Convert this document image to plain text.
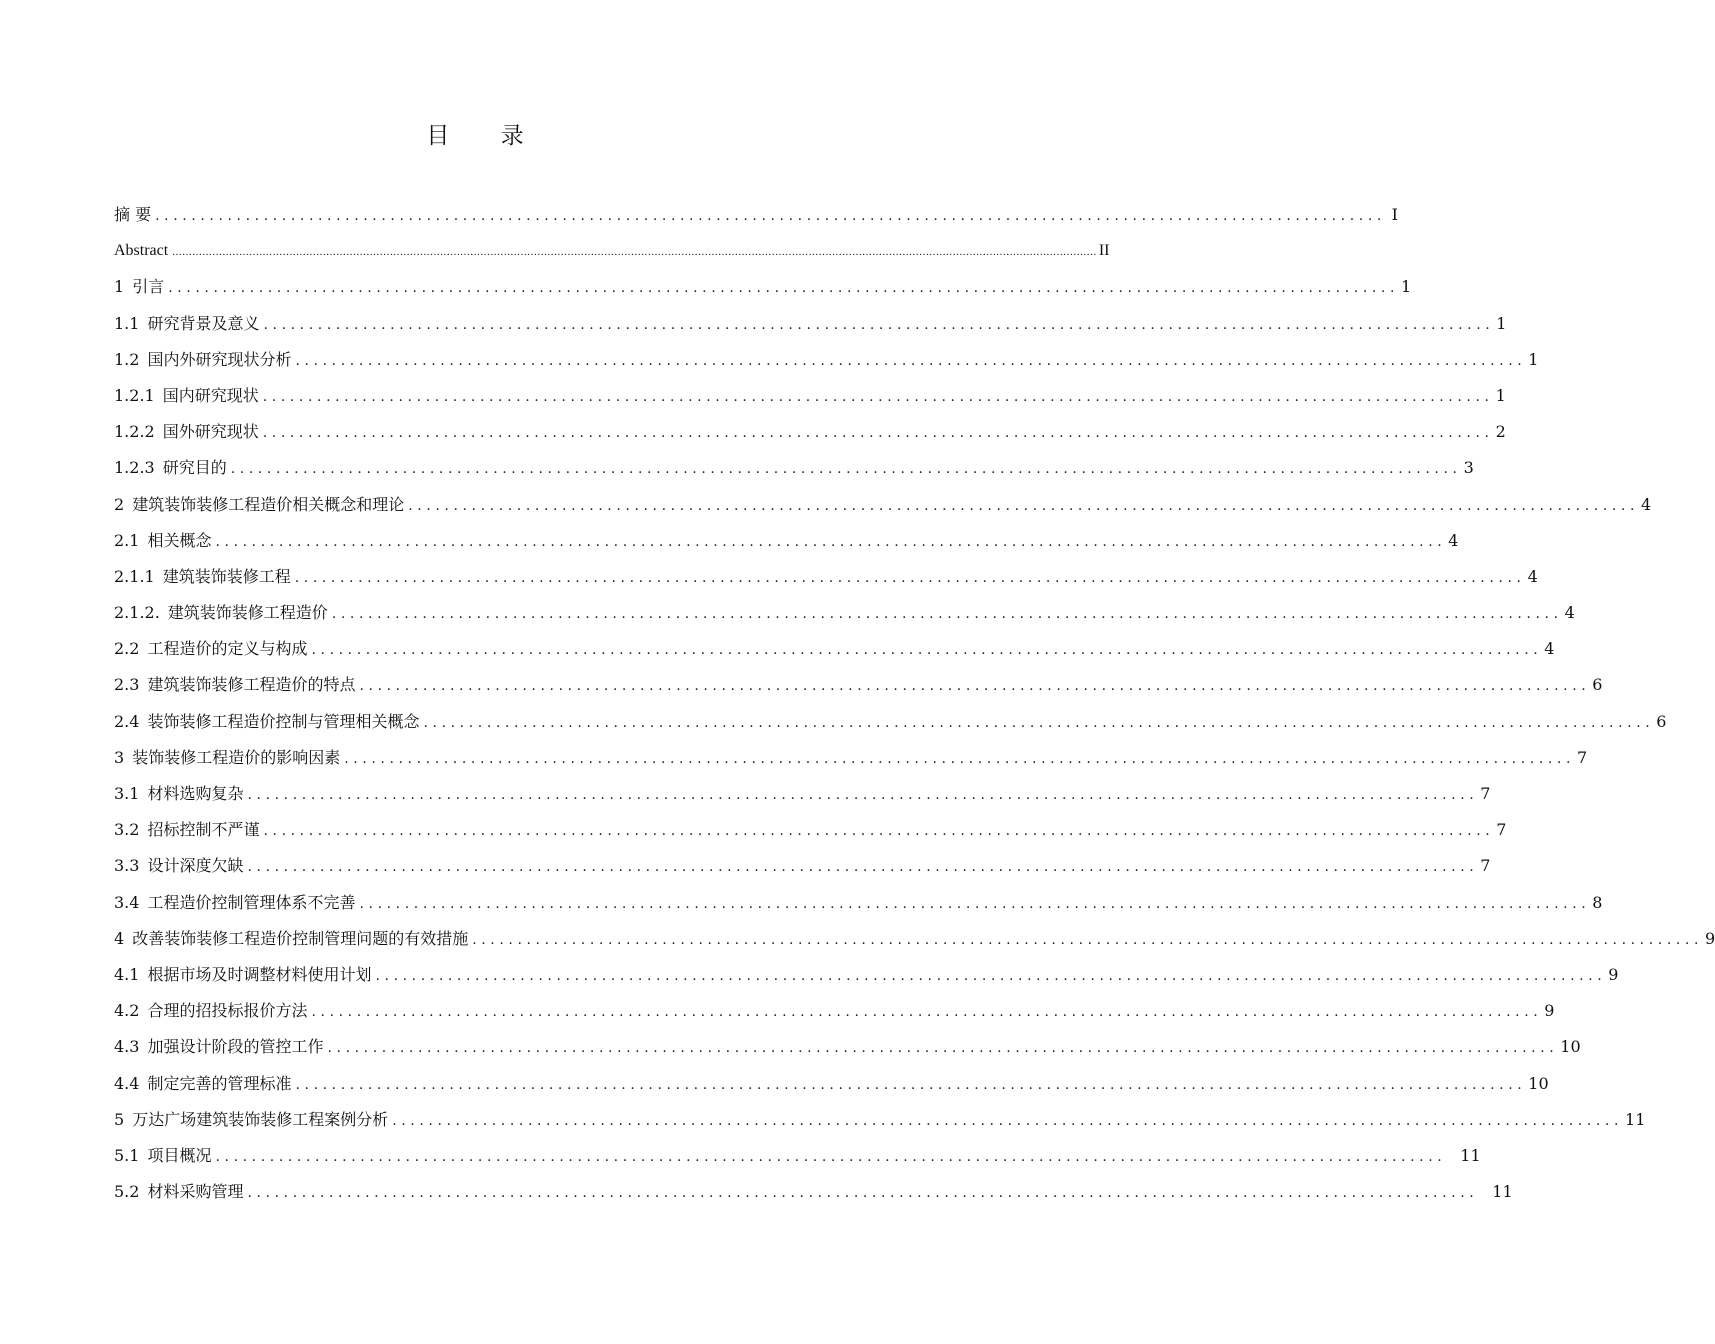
目 录
摘 要 ........................................................................................................................................ I
Abstract .................................................................................................................................................................................................................................................................................... II
1 引言 ........................................................................................................................................ 1
1.1 研究背景及意义 ........................................................................................................................................ 1
1.2 国内外研究现状分析 ........................................................................................................................................ 1
1.2.1 国内研究现状 ........................................................................................................................................ 1
1.2.2 国外研究现状 ........................................................................................................................................ 2
1.2.3 研究目的 ........................................................................................................................................ 3
2 建筑装饰装修工程造价相关概念和理论 ........................................................................................................................................ 4
2.1 相关概念 ........................................................................................................................................ 4
2.1.1 建筑装饰装修工程 ........................................................................................................................................ 4
2.1.2. 建筑装饰装修工程造价 ........................................................................................................................................ 4
2.2 工程造价的定义与构成 ........................................................................................................................................ 4
2.3 建筑装饰装修工程造价的特点 ........................................................................................................................................ 6
2.4 装饰装修工程造价控制与管理相关概念 ........................................................................................................................................ 6
3 装饰装修工程造价的影响因素 ........................................................................................................................................ 7
3.1 材料选购复杂 ........................................................................................................................................ 7
3.2 招标控制不严谨 ........................................................................................................................................ 7
3.3 设计深度欠缺 ........................................................................................................................................ 7
3.4 工程造价控制管理体系不完善 ........................................................................................................................................ 8
4 改善装饰装修工程造价控制管理问题的有效措施 ........................................................................................................................................ 9
4.1 根据市场及时调整材料使用计划 ........................................................................................................................................ 9
4.2 合理的招投标报价方法 ........................................................................................................................................ 9
4.3 加强设计阶段的管控工作 ........................................................................................................................................ 10
4.4 制定完善的管理标准 ........................................................................................................................................ 10
5 万达广场建筑装饰装修工程案例分析 ........................................................................................................................................ 11
5.1 项目概况 ........................................................................................................................................ 11
5.2 材料采购管理 ........................................................................................................................................ 11
